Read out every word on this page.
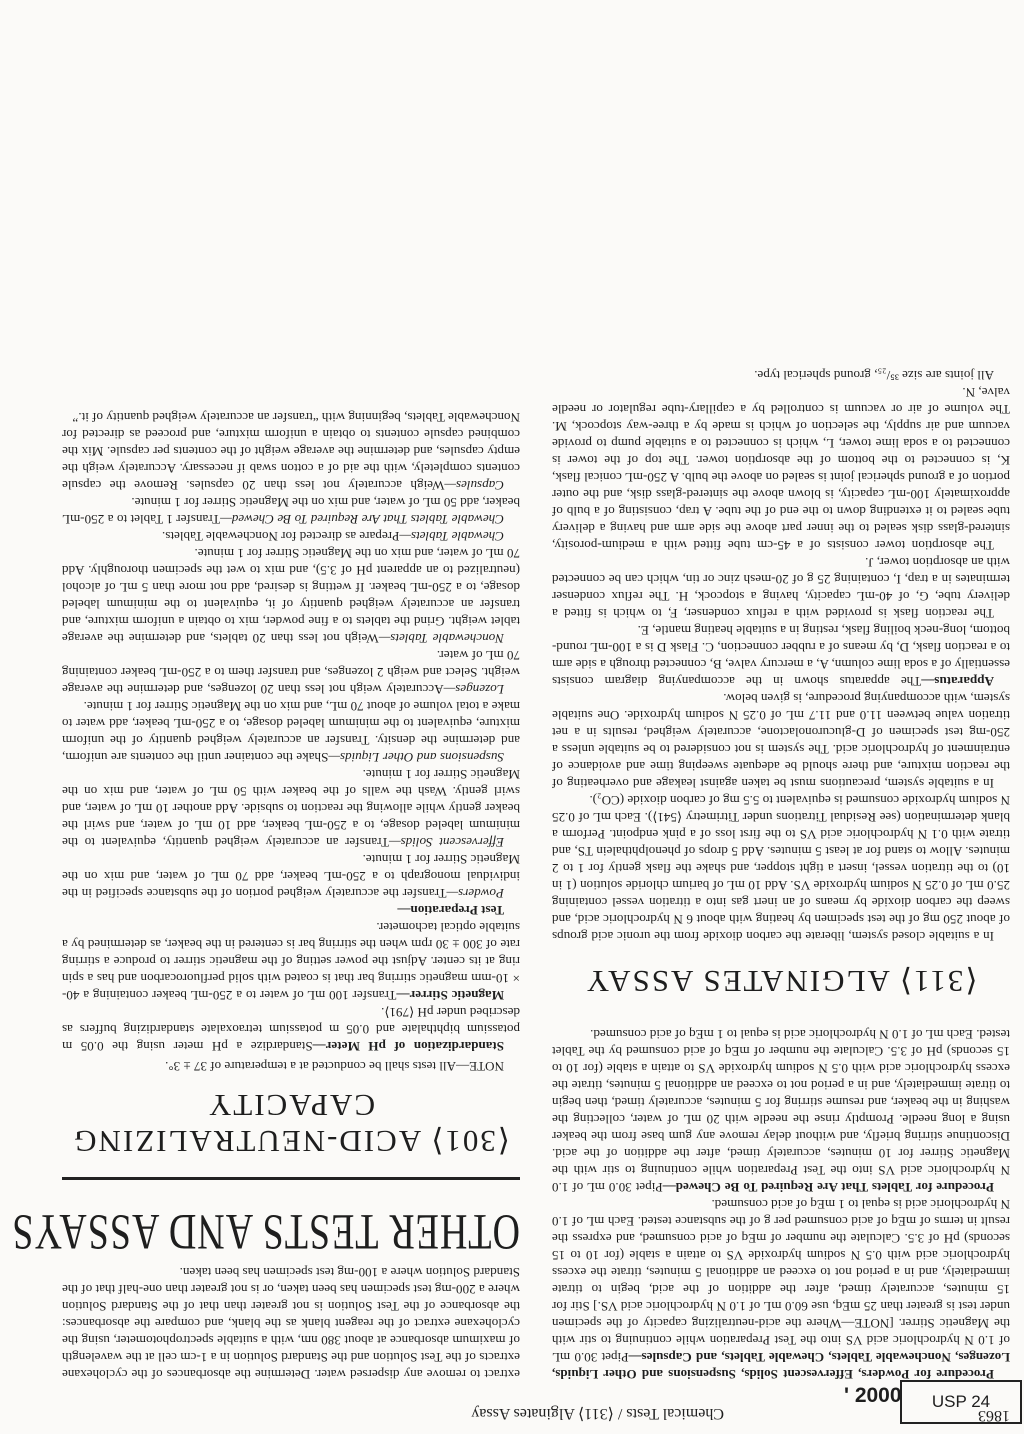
1863
Chemical Tests / ⟨311⟩ Alginates Assay

Procedure for Powders, Effervescent Solids, Suspensions and Other Liquids, Lozenges, Nonchewable Tablets, Chewable Tablets, and Capsules—Pipet 30.0 mL of 1.0 N hydrochloric acid VS into the Test Preparation while continuing to stir with the Magnetic Stirrer. [NOTE—Where the acid-neutralizing capacity of the specimen under test is greater than 25 mEq, use 60.0 mL of 1.0 N hydrochloric acid VS.] Stir for 15 minutes, accurately timed, after the addition of the acid, begin to titrate immediately, and in a period not to exceed an additional 5 minutes, titrate the excess hydrochloric acid with 0.5 N sodium hydroxide VS to attain a stable (for 10 to 15 seconds) pH of 3.5. Calculate the number of mEq of acid consumed, and express the result in terms of mEq of acid consumed per g of the substance tested. Each mL of 1.0 N hydrochloric acid is equal to 1 mEq of acid consumed.

Procedure for Tablets That Are Required To Be Chewed—Pipet 30.0 mL of 1.0 N hydrochloric acid VS into the Test Preparation while continuing to stir with the Magnetic Stirrer for 10 minutes, accurately timed, after the addition of the acid. Discontinue stirring briefly, and without delay remove any gum base from the beaker using a long needle. Promptly rinse the needle with 20 mL of water, collecting the washing in the beaker, and resume stirring for 5 minutes, accurately timed, then begin to titrate immediately, and in a period not to exceed an additional 5 minutes, titrate the excess hydrochloric acid with 0.5 N sodium hydroxide VS to attain a stable (for 10 to 15 seconds) pH of 3.5. Calculate the number of mEq of acid consumed by the Tablet tested. Each mL of 1.0 N hydrochloric acid is equal to 1 mEq of acid consumed.

⟨311⟩ ALGINATES ASSAY

In a suitable closed system, liberate the carbon dioxide from the uronic acid groups of about 250 mg of the test specimen by heating with about 6 N hydrochloric acid, and sweep the carbon dioxide by means of an inert gas into a titration vessel containing 25.0 mL of 0.25 N sodium hydroxide VS. Add 10 mL of barium chloride solution (1 in 10) to the titration vessel, insert a tight stopper, and shake the flask gently for 1 to 2 minutes. Allow to stand for at least 5 minutes. Add 5 drops of phenolphthalein TS, and titrate with 0.1 N hydrochloric acid VS to the first loss of a pink endpoint. Perform a blank determination (see Residual Titrations under Titrimetry ⟨541⟩). Each mL of 0.25 N sodium hydroxide consumed is equivalent to 5.5 mg of carbon dioxide (CO₂).

In a suitable system, precautions must be taken against leakage and overheating of the reaction mixture, and there should be adequate sweeping time and avoidance of entrainment of hydrochloric acid. The system is not considered to be suitable unless a 250-mg test specimen of D-glucuronolactone, accurately weighed, results in a net titration value between 11.0 and 11.7 mL of 0.25 N sodium hydroxide. One suitable system, with accompanying procedure, is given below.

Apparatus—The apparatus shown in the accompanying diagram consists essentially of a soda lime column, A, a mercury valve, B, connected through a side arm to a reaction flask, D, by means of a rubber connection, C. Flask D is a 100-mL round-bottom, long-neck boiling flask, resting in a suitable heating mantle, E.

The reaction flask is provided with a reflux condenser, F, to which is fitted a delivery tube, G, of 40-mL capacity, having a stopcock, H. The reflux condenser terminates in a trap, I, containing 25 g of 20-mesh zinc or tin, which can be connected with an absorption tower, J.

The absorption tower consists of a 45-cm tube fitted with a medium-porosity, sintered-glass disk sealed to the inner part above the side arm and having a delivery tube sealed to it extending down to the end of the tube. A trap, consisting of a bulb of approximately 100-mL capacity, is blown above the sintered-glass disk, and the outer portion of a ground spherical joint is sealed on above the bulb. A 250-mL conical flask, K, is connected to the bottom of the absorption tower. The top of the tower is connected to a soda lime tower, L, which is connected to a suitable pump to provide vacuum and air supply, the selection of which is made by a three-way stopcock, M. The volume of air or vacuum is controlled by a capillary-tube regulator or needle valve, N.

All joints are size ³⁵/₂₅, ground spherical type.

extract to remove any dispersed water. Determine the absorbances of the cyclohexane extracts of the Test Solution and the Standard Solution in a 1-cm cell at the wavelength of maximum absorbance at about 380 nm, with a suitable spectrophotometer, using the cyclohexane extract of the reagent blank as the blank, and compare the absorbances: the absorbance of the Test Solution is not greater than that of the Standard Solution where a 200-mg test specimen has been taken, or is not greater than one-half that of the Standard Solution where a 100-mg test specimen has been taken.

OTHER TESTS AND ASSAYS
⟨301⟩ ACID-NEUTRALIZING
CAPACITY

NOTE—All tests shall be conducted at a temperature of 37 ± 3°.

Standardization of pH Meter—Standardize a pH meter using the 0.05 m potassium biphthalate and 0.05 m potassium tetraoxalate standardizing buffers as described under pH ⟨791⟩.

Magnetic Stirrer—Transfer 100 mL of water to a 250-mL beaker containing a 40- × 10-mm magnetic stirring bar that is coated with solid perfluorocarbon and has a spin ring at its center. Adjust the power setting of the magnetic stirrer to produce a stirring rate of 300 ± 30 rpm when the stirring bar is centered in the beaker, as determined by a suitable optical tachometer.

Test Preparation—

Powders—Transfer the accurately weighed portion of the substance specified in the individual monograph to a 250-mL beaker, add 70 mL of water, and mix on the Magnetic Stirrer for 1 minute.

Effervescent Solids—Transfer an accurately weighed quantity, equivalent to the minimum labeled dosage, to a 250-mL beaker, add 10 mL of water, and swirl the beaker gently while allowing the reaction to subside. Add another 10 mL of water, and swirl gently. Wash the walls of the beaker with 50 mL of water, and mix on the Magnetic Stirrer for 1 minute.

Suspensions and Other Liquids—Shake the container until the contents are uniform, and determine the density. Transfer an accurately weighed quantity of the uniform mixture, equivalent to the minimum labeled dosage, to a 250-mL beaker, add water to make a total volume of about 70 mL, and mix on the Magnetic Stirrer for 1 minute.

Lozenges—Accurately weigh not less than 20 lozenges, and determine the average weight. Select and weigh 2 lozenges, and transfer them to a 250-mL beaker containing 70 mL of water.

Nonchewable Tablets—Weigh not less than 20 tablets, and determine the average tablet weight. Grind the tablets to a fine powder, mix to obtain a uniform mixture, and transfer an accurately weighed quantity of it, equivalent to the minimum labeled dosage, to a 250-mL beaker. If wetting is desired, add not more than 5 mL of alcohol (neutralized to an apparent pH of 3.5), and mix to wet the specimen thoroughly. Add 70 mL of water, and mix on the Magnetic Stirrer for 1 minute.

Chewable Tablets—Prepare as directed for Nonchewable Tablets.

Chewable Tablets That Are Required To Be Chewed—Transfer 1 Tablet to a 250-mL beaker, add 50 mL of water, and mix on the Magnetic Stirrer for 1 minute.

Capsules—Weigh accurately not less than 20 capsules. Remove the capsule contents completely, with the aid of a cotton swab if necessary. Accurately weigh the empty capsules, and determine the average weight of the contents per capsule. Mix the combined capsule contents to obtain a uniform mixture, and proceed as directed for Nonchewable Tablets, beginning with “transfer an accurately weighed quantity of it.”

' 2000 USP 24
